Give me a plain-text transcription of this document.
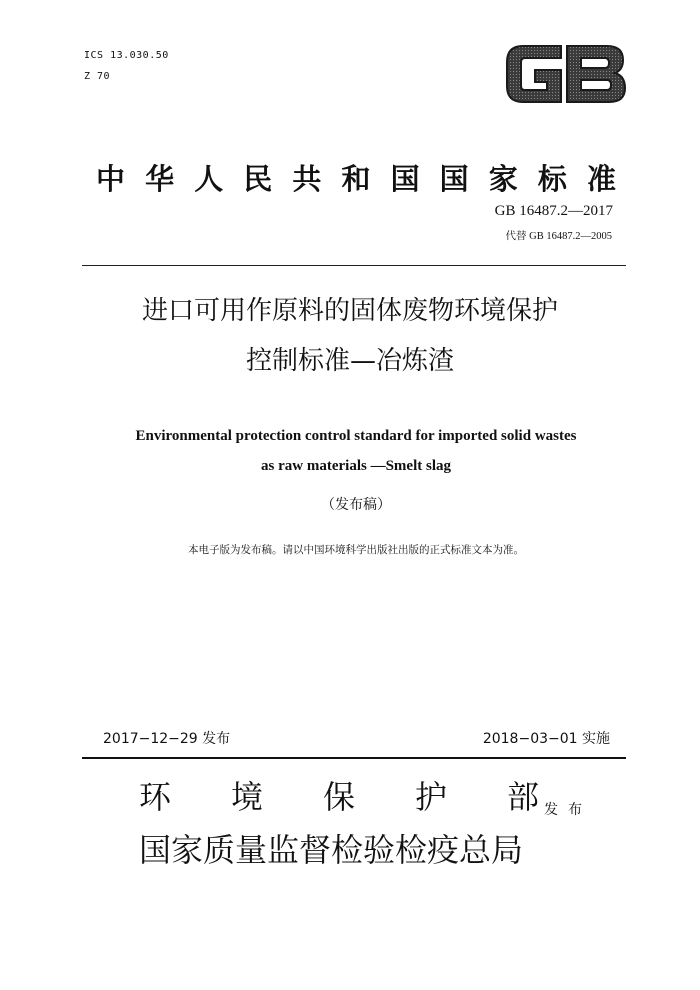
ICS 13.030.50
Z 70
中 华 人 民 共 和 国 国 家 标 准
GB 16487.2—2017
代替 GB 16487.2—2005
进口可用作原料的固体废物环境保护
控制标准—冶炼渣
Environmental protection control standard for imported solid wastes
as raw materials —Smelt slag
（发布稿）
本电子版为发布稿。请以中国环境科学出版社出版的正式标准文本为准。
2017−12−29 发布	2018−03−01 实施
环 境 保 护 部 发布
国家质量监督检验检疫总局
